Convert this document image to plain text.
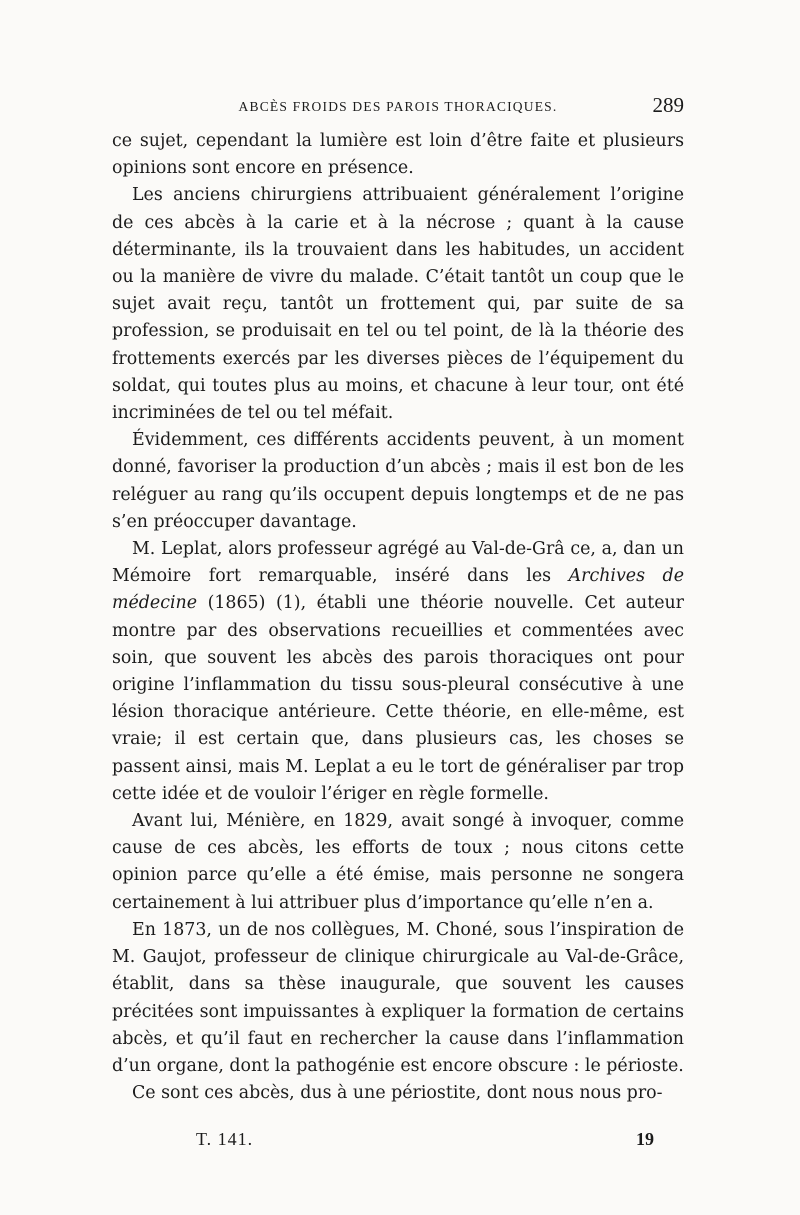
ABCÈS FROIDS DES PAROIS THORACIQUES.	289

ce sujet, cependant la lumière est loin d’être faite et plusieurs opinions sont encore en présence.

Les anciens chirurgiens attribuaient généralement l’origine de ces abcès à la carie et à la nécrose ; quant à la cause déterminante, ils la trouvaient dans les habitudes, un accident ou la manière de vivre du malade. C’était tantôt un coup que le sujet avait reçu, tantôt un frottement qui, par suite de sa profession, se produisait en tel ou tel point, de là la théorie des frottements exercés par les diverses pièces de l’équipement du soldat, qui toutes plus au moins, et chacune à leur tour, ont été incriminées de tel ou tel méfait.

Évidemment, ces différents accidents peuvent, à un moment donné, favoriser la production d’un abcès ; mais il est bon de les reléguer au rang qu’ils occupent depuis longtemps et de ne pas s’en préoccuper davantage.

M. Leplat, alors professeur agrégé au Val-de-Grâ ce, a, dan un Mémoire fort remarquable, inséré dans les Archives de médecine (1865) (1), établi une théorie nouvelle. Cet auteur montre par des observations recueillies et commentées avec soin, que souvent les abcès des parois thoraciques ont pour origine l’inflammation du tissu sous-pleural consécutive à une lésion thoracique antérieure. Cette théorie, en elle-même, est vraie; il est certain que, dans plusieurs cas, les choses se passent ainsi, mais M. Leplat a eu le tort de généraliser par trop cette idée et de vouloir l’ériger en règle formelle.

Avant lui, Ménière, en 1829, avait songé à invoquer, comme cause de ces abcès, les efforts de toux ; nous citons cette opinion parce qu’elle a été émise, mais personne ne songera certainement à lui attribuer plus d’importance qu’elle n’en a.

En 1873, un de nos collègues, M. Choné, sous l’inspiration de M. Gaujot, professeur de clinique chirurgicale au Val-de-Grâce, établit, dans sa thèse inaugurale, que souvent les causes précitées sont impuissantes à expliquer la formation de certains abcès, et qu’il faut en rechercher la cause dans l’inflammation d’un organe, dont la pathogénie est encore obscure : le périoste.

Ce sont ces abcès, dus à une périostite, dont nous nous pro-

T. 141.	19
